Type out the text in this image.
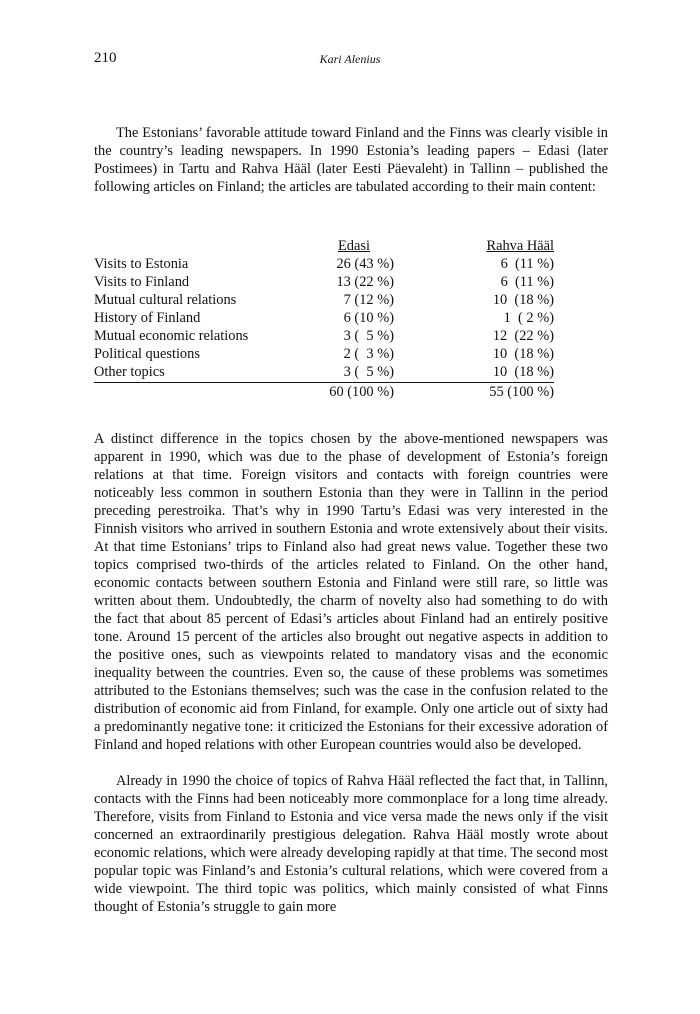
210	Kari Alenius

The Estonians’ favorable attitude toward Finland and the Finns was clearly visible in the country’s leading newspapers. In 1990 Estonia’s leading papers – Edasi (later Postimees) in Tartu and Rahva Hääl (later Eesti Päevaleht) in Tallinn – published the following articles on Finland; the articles are tabulated according to their main content:

	Edasi	Rahva Hääl
Visits to Estonia	26 (43 %)	6  (11 %)
Visits to Finland	13 (22 %)	6  (11 %)
Mutual cultural relations	7 (12 %)	10  (18 %)
History of Finland	6 (10 %)	1  ( 2 %)
Mutual economic relations	3 (  5 %)	12  (22 %)
Political questions	2 (  3 %)	10  (18 %)
Other topics	3 (  5 %)	10  (18 %)
	60 (100 %)	55 (100 %)

A distinct difference in the topics chosen by the above-mentioned newspapers was apparent in 1990, which was due to the phase of development of Estonia’s foreign relations at that time. Foreign visitors and contacts with foreign countries were noticeably less common in southern Estonia than they were in Tallinn in the period preceding perestroika. That’s why in 1990 Tartu’s Edasi was very interested in the Finnish visitors who arrived in southern Estonia and wrote extensively about their visits. At that time Estonians’ trips to Finland also had great news value. Together these two topics comprised two-thirds of the articles related to Finland. On the other hand, economic contacts between southern Estonia and Finland were still rare, so little was written about them. Undoubtedly, the charm of novelty also had something to do with the fact that about 85 percent of Edasi’s articles about Finland had an entirely positive tone. Around 15 percent of the articles also brought out negative aspects in addition to the positive ones, such as viewpoints related to mandatory visas and the economic inequality between the countries. Even so, the cause of these problems was sometimes attributed to the Estonians themselves; such was the case in the confusion related to the distribution of economic aid from Finland, for example. Only one article out of sixty had a predominantly negative tone: it criticized the Estonians for their excessive adoration of Finland and hoped relations with other European countries would also be developed.

Already in 1990 the choice of topics of Rahva Hääl reflected the fact that, in Tallinn, contacts with the Finns had been noticeably more commonplace for a long time already. Therefore, visits from Finland to Estonia and vice versa made the news only if the visit concerned an extraordinarily prestigious delegation. Rahva Hääl mostly wrote about economic relations, which were already developing rapidly at that time. The second most popular topic was Finland’s and Estonia’s cultural relations, which were covered from a wide viewpoint. The third topic was politics, which mainly consisted of what Finns thought of Estonia’s struggle to gain more
